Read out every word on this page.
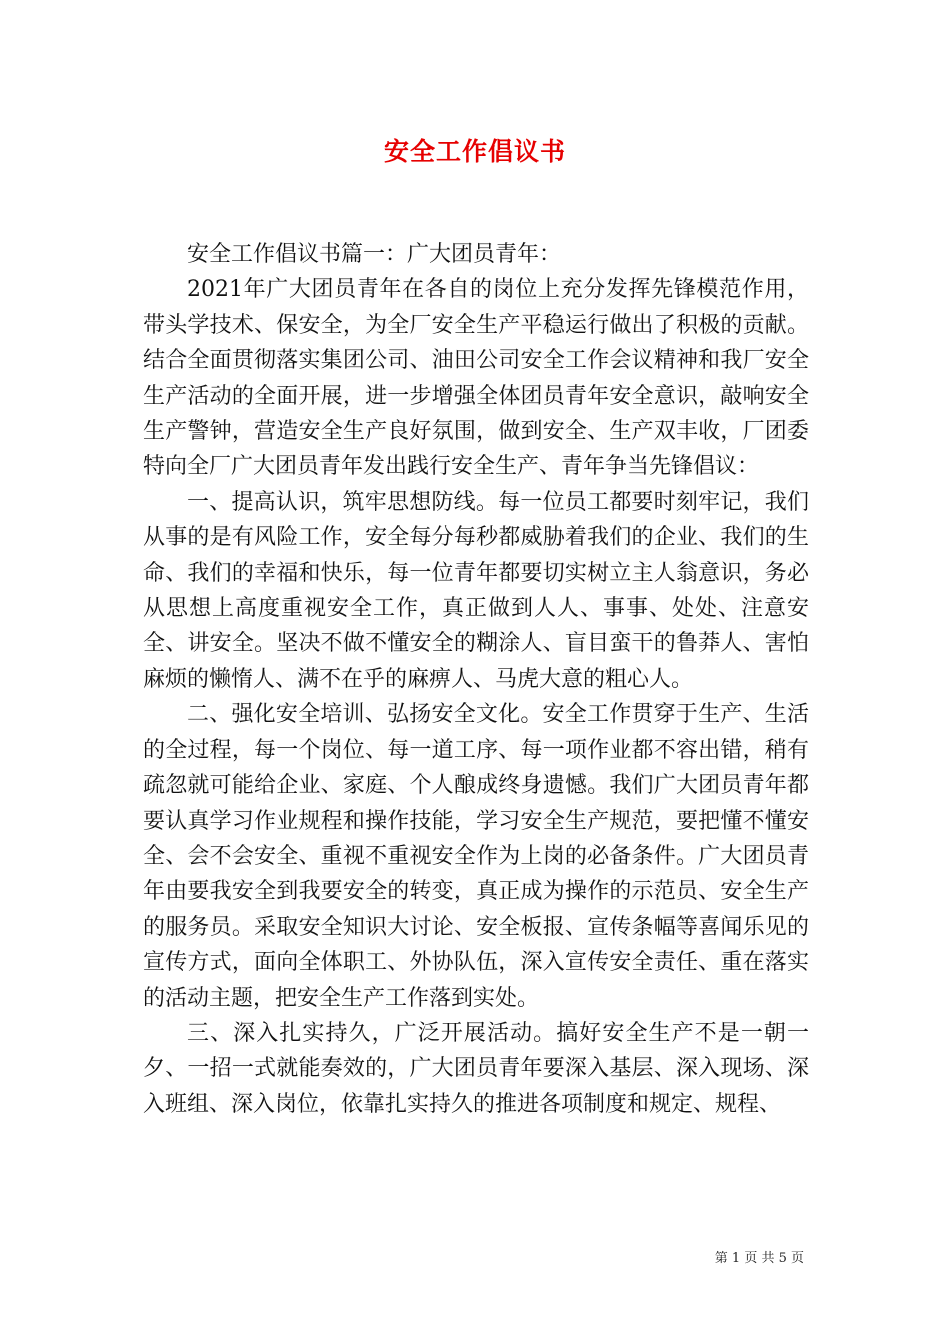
安全工作倡议书

安全工作倡议书篇一：广大团员青年：

2021年广大团员青年在各自的岗位上充分发挥先锋模范作用，带头学技术、保安全，为全厂安全生产平稳运行做出了积极的贡献。结合全面贯彻落实集团公司、油田公司安全工作会议精神和我厂安全生产活动的全面开展，进一步增强全体团员青年安全意识，敲响安全生产警钟，营造安全生产良好氛围，做到安全、生产双丰收，厂团委特向全厂广大团员青年发出践行安全生产、青年争当先锋倡议：

一、提高认识，筑牢思想防线。每一位员工都要时刻牢记，我们从事的是有风险工作，安全每分每秒都威胁着我们的企业、我们的生命、我们的幸福和快乐，每一位青年都要切实树立主人翁意识，务必从思想上高度重视安全工作，真正做到人人、事事、处处、注意安全、讲安全。坚决不做不懂安全的糊涂人、盲目蛮干的鲁莽人、害怕麻烦的懒惰人、满不在乎的麻痹人、马虎大意的粗心人。

二、强化安全培训、弘扬安全文化。安全工作贯穿于生产、生活的全过程，每一个岗位、每一道工序、每一项作业都不容出错，稍有疏忽就可能给企业、家庭、个人酿成终身遗憾。我们广大团员青年都要认真学习作业规程和操作技能，学习安全生产规范，要把懂不懂安全、会不会安全、重视不重视安全作为上岗的必备条件。广大团员青年由要我安全到我要安全的转变，真正成为操作的示范员、安全生产的服务员。采取安全知识大讨论、安全板报、宣传条幅等喜闻乐见的宣传方式，面向全体职工、外协队伍，深入宣传安全责任、重在落实的活动主题，把安全生产工作落到实处。

三、深入扎实持久，广泛开展活动。搞好安全生产不是一朝一夕、一招一式就能奏效的，广大团员青年要深入基层、深入现场、深入班组、深入岗位，依靠扎实持久的推进各项制度和规定、规程、

第 1 页 共 5 页
